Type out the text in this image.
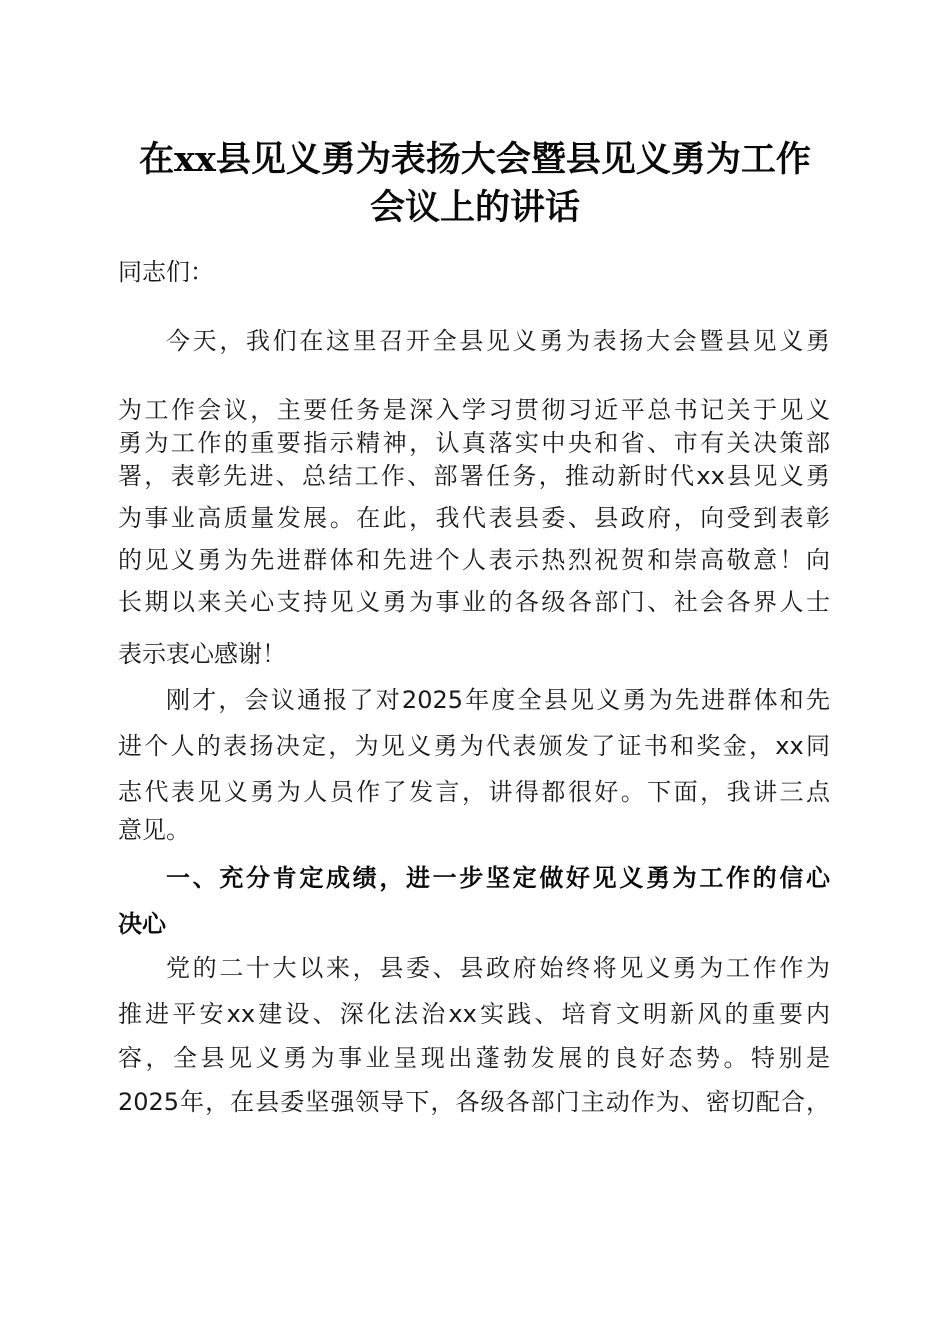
在xx县见义勇为表扬大会暨县见义勇为工作
会议上的讲话
同志们：
今天，我们在这里召开全县见义勇为表扬大会暨县见义勇
为工作会议，主要任务是深入学习贯彻习近平总书记关于见义
勇为工作的重要指示精神，认真落实中央和省、市有关决策部
署，表彰先进、总结工作、部署任务，推动新时代xx县见义勇
为事业高质量发展。在此，我代表县委、县政府，向受到表彰
的见义勇为先进群体和先进个人表示热烈祝贺和崇高敬意！向
长期以来关心支持见义勇为事业的各级各部门、社会各界人士
表示衷心感谢！
刚才，会议通报了对2025年度全县见义勇为先进群体和先
进个人的表扬决定，为见义勇为代表颁发了证书和奖金，xx同
志代表见义勇为人员作了发言，讲得都很好。下面，我讲三点
意见。
一、充分肯定成绩，进一步坚定做好见义勇为工作的信心
决心
党的二十大以来，县委、县政府始终将见义勇为工作作为
推进平安xx建设、深化法治xx实践、培育文明新风的重要内
容，全县见义勇为事业呈现出蓬勃发展的良好态势。特别是
2025年，在县委坚强领导下，各级各部门主动作为、密切配合，
